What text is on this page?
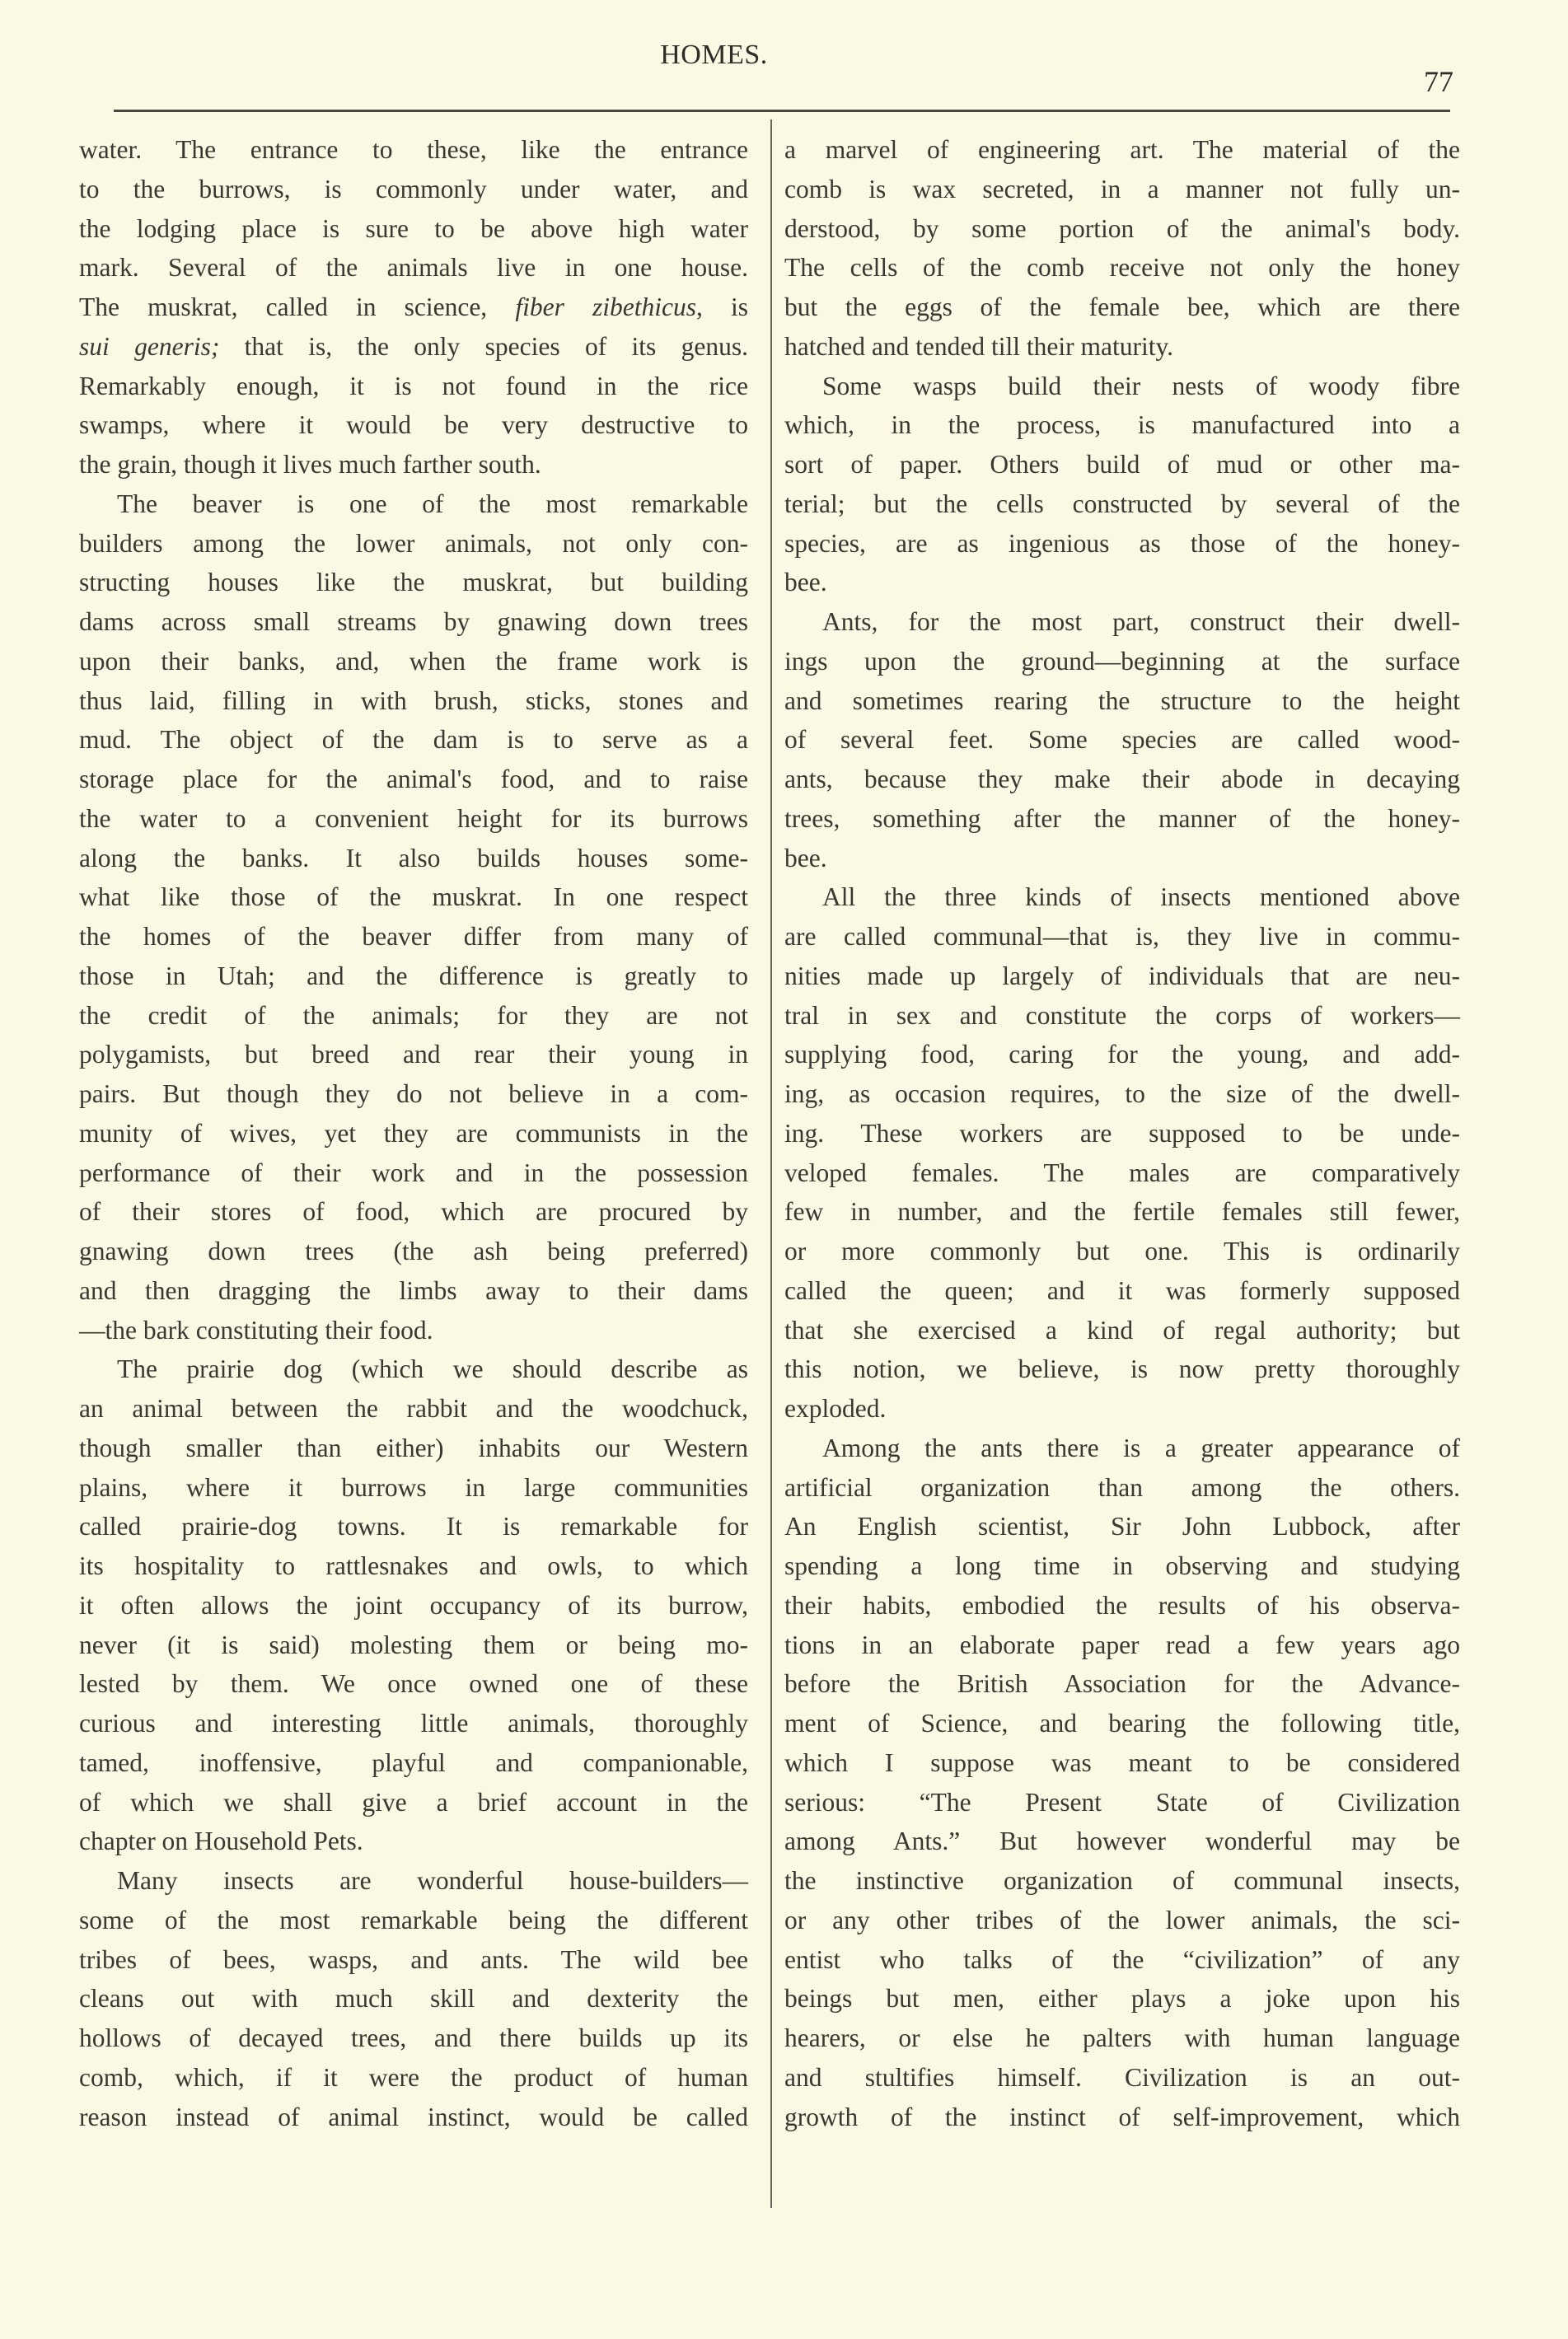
HOMES.
77
water. The entrance to these, like the entrance
to the burrows, is commonly under water, and
the lodging place is sure to be above high water
mark. Several of the animals live in one house.
The muskrat, called in science, fiber zibethicus, is
sui generis; that is, the only species of its genus.
Remarkably enough, it is not found in the rice
swamps, where it would be very destructive to
the grain, though it lives much farther south.
The beaver is one of the most remarkable
builders among the lower animals, not only con-
structing houses like the muskrat, but building
dams across small streams by gnawing down trees
upon their banks, and, when the frame work is
thus laid, filling in with brush, sticks, stones and
mud. The object of the dam is to serve as a
storage place for the animal's food, and to raise
the water to a convenient height for its burrows
along the banks. It also builds houses some-
what like those of the muskrat. In one respect
the homes of the beaver differ from many of
those in Utah; and the difference is greatly to
the credit of the animals; for they are not
polygamists, but breed and rear their young in
pairs. But though they do not believe in a com-
munity of wives, yet they are communists in the
performance of their work and in the possession
of their stores of food, which are procured by
gnawing down trees (the ash being preferred)
and then dragging the limbs away to their dams
—the bark constituting their food.
The prairie dog (which we should describe as
an animal between the rabbit and the woodchuck,
though smaller than either) inhabits our Western
plains, where it burrows in large communities
called prairie-dog towns. It is remarkable for
its hospitality to rattlesnakes and owls, to which
it often allows the joint occupancy of its burrow,
never (it is said) molesting them or being mo-
lested by them. We once owned one of these
curious and interesting little animals, thoroughly
tamed, inoffensive, playful and companionable,
of which we shall give a brief account in the
chapter on Household Pets.
Many insects are wonderful house-builders—
some of the most remarkable being the different
tribes of bees, wasps, and ants. The wild bee
cleans out with much skill and dexterity the
hollows of decayed trees, and there builds up its
comb, which, if it were the product of human
reason instead of animal instinct, would be called
a marvel of engineering art. The material of the
comb is wax secreted, in a manner not fully un-
derstood, by some portion of the animal's body.
The cells of the comb receive not only the honey
but the eggs of the female bee, which are there
hatched and tended till their maturity.
Some wasps build their nests of woody fibre
which, in the process, is manufactured into a
sort of paper. Others build of mud or other ma-
terial; but the cells constructed by several of the
species, are as ingenious as those of the honey-
bee.
Ants, for the most part, construct their dwell-
ings upon the ground—beginning at the surface
and sometimes rearing the structure to the height
of several feet. Some species are called wood-
ants, because they make their abode in decaying
trees, something after the manner of the honey-
bee.
All the three kinds of insects mentioned above
are called communal—that is, they live in commu-
nities made up largely of individuals that are neu-
tral in sex and constitute the corps of workers—
supplying food, caring for the young, and add-
ing, as occasion requires, to the size of the dwell-
ing. These workers are supposed to be unde-
veloped females. The males are comparatively
few in number, and the fertile females still fewer,
or more commonly but one. This is ordinarily
called the queen; and it was formerly supposed
that she exercised a kind of regal authority; but
this notion, we believe, is now pretty thoroughly
exploded.
Among the ants there is a greater appearance of
artificial organization than among the others.
An English scientist, Sir John Lubbock, after
spending a long time in observing and studying
their habits, embodied the results of his observa-
tions in an elaborate paper read a few years ago
before the British Association for the Advance-
ment of Science, and bearing the following title,
which I suppose was meant to be considered
serious: “The Present State of Civilization
among Ants.” But however wonderful may be
the instinctive organization of communal insects,
or any other tribes of the lower animals, the sci-
entist who talks of the “civilization” of any
beings but men, either plays a joke upon his
hearers, or else he palters with human language
and stultifies himself. Civilization is an out-
growth of the instinct of self-improvement, which
